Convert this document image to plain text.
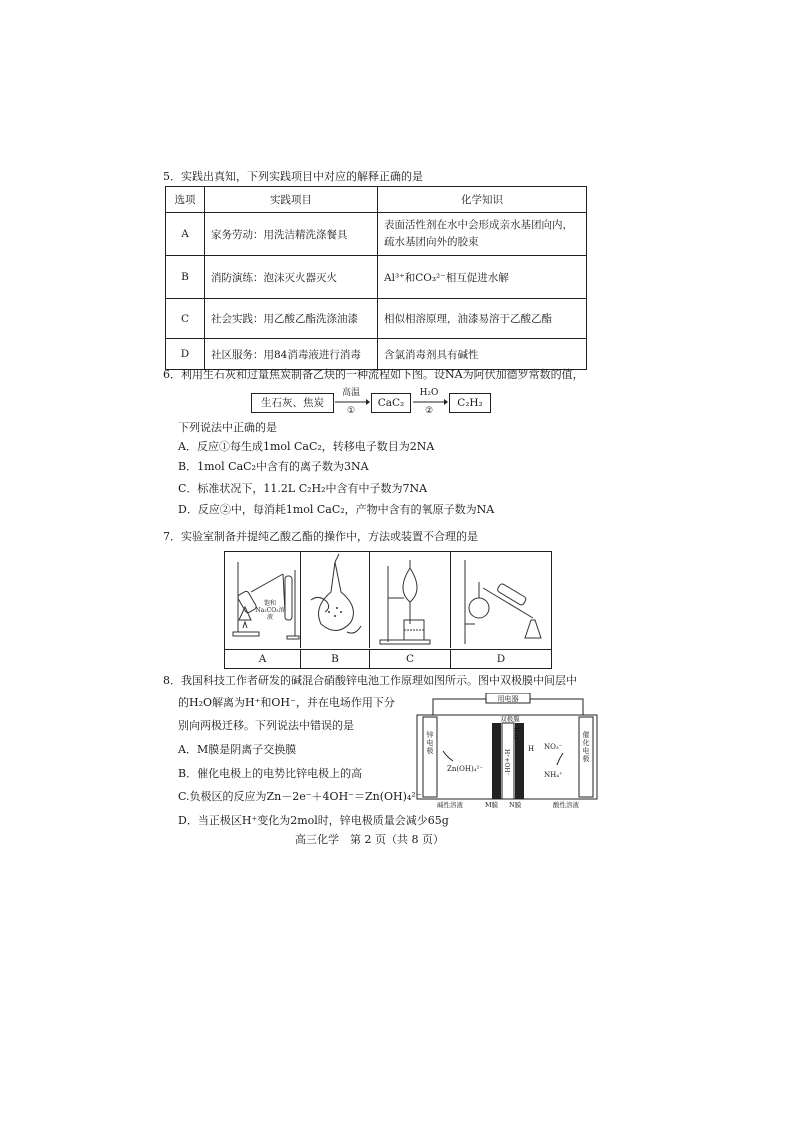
5．实践出真知，下列实践项目中对应的解释正确的是
选项	实践项目	化学知识
A	家务劳动：用洗洁精洗涤餐具	表面活性剂在水中会形成亲水基团向内，疏水基团向外的胶束
B	消防演练：泡沫灭火器灭火	Al³⁺和CO₃²⁻相互促进水解
C	社会实践：用乙酸乙酯洗涤油漆	相似相溶原理，油漆易溶于乙酸乙酯
D	社区服务：用84消毒液进行消毒	含氯消毒剂具有碱性
6．利用生石灰和过量焦炭制备乙炔的一种流程如下图。设NA为阿伏加德罗常数的值，
生石灰、焦炭
高温
①
CaC₂
H₂O
②
C₂H₂
下列说法中正确的是
A．反应①每生成1mol CaC₂，转移电子数目为2NA
B．1mol CaC₂中含有的离子数为3NA
C．标准状况下，11.2L C₂H₂中含有中子数为7NA
D．反应②中，每消耗1mol CaC₂，产物中含有的氧原子数为NA
7．实验室制备并提纯乙酸乙酯的操作中，方法或装置不合理的是
饱和Na₂CO₃溶液
A	B	C	D
8．我国科技工作者研发的碱混合硝酸锌电池工作原理如图所示。图中双极膜中间层中
的H₂O解离为H⁺和OH⁻，并在电场作用下分
别向两极迁移。下列说法中错误的是
A．M膜是阴离子交换膜
B．催化电极上的电势比锌电极上的高
C.负极区的反应为Zn－2e⁻＋4OH⁻＝Zn(OH)₄²⁻
D．当正极区H⁺变化为2mol时，锌电极质量会减少65g
用电器
双极膜
锌电极
催化电极
Zn(OH)₄²⁻
NO₃⁻
NH₄⁺
H
H₂O
H⁺+OH⁻
碱性溶液	M膜 N膜	酸性溶液
高三化学　第 2 页（共 8 页）
